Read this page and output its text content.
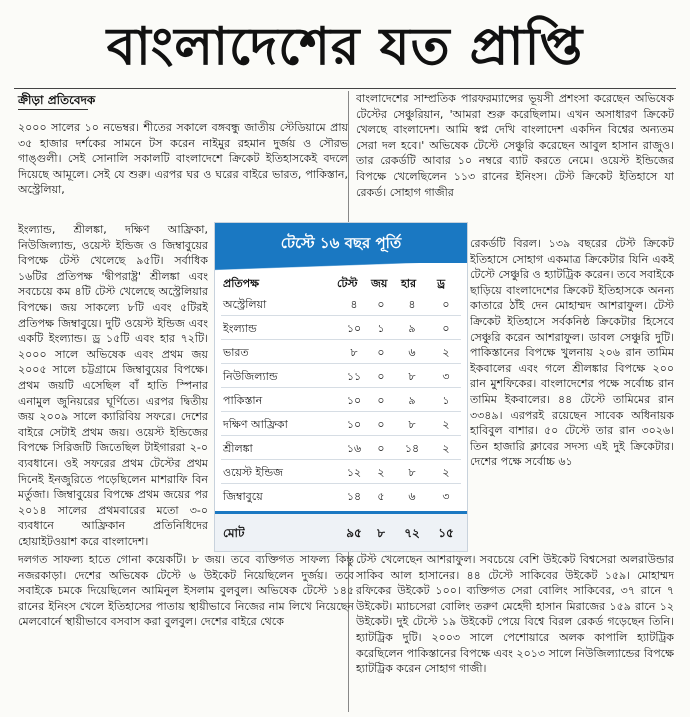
বাংলাদেশের যত প্রাপ্তি
ক্রীড়া প্রতিবেদক

২০০০ সালের ১০ নভেম্বর। শীতের সকালে বঙ্গবন্ধু জাতীয় স্টেডিয়ামে প্রায় ৩৫ হাজার দর্শকের সামনে টস করেন নাইমুর রহমান দুর্জয় ও সৌরভ গাঙ্গুলী। সেই সোনালি সকালটি বাংলাদেশে ক্রিকেট ইতিহাসকেই বদলে দিয়েছে আমূলে। সেই যে শুরু। এরপর ঘর ও ঘরের বাইরে ভারত, পাকিস্তান, অস্ট্রেলিয়া,

ইংল্যান্ড, শ্রীলঙ্কা, দক্ষিণ আফ্রিকা, নিউজিল্যান্ড, ওয়েস্ট ইন্ডিজ ও জিম্বাবুয়ের বিপক্ষে টেস্ট খেলেছে ৯৫টি। সর্বাধিক ১৬টির প্রতিপক্ষ 'দ্বীপরাষ্ট্র' শ্রীলঙ্কা এবং সবচেয়ে কম ৪টি টেস্ট খেলেছে অস্ট্রেলিয়ার বিপক্ষে। জয় সাকল্যে ৮টি এবং ৫টিরই প্রতিপক্ষ জিম্বাবুয়ে। দুটি ওয়েস্ট ইন্ডিজ এবং একটি ইংল্যান্ড। ড্র ১৫টি এবং হার ৭২টি। ২০০০ সালে অভিষেক এবং প্রথম জয় ২০০৫ সালে চট্টগ্রামে জিম্বাবুয়ের বিপক্ষে। প্রথম জয়টি এসেছিল বাঁ হাতি স্পিনার এনামুল জুনিয়রের ঘূর্ণিতে। এরপর দ্বিতীয় জয় ২০০৯ সালে ক্যারিবিয় সফরে। দেশের বাইরে সেটাই প্রথম জয়। ওয়েস্ট ইন্ডিজের বিপক্ষে সিরিজটি জিতেছিল টাইগাররা ২-০ ব্যবধানে। ওই সফরের প্রথম টেস্টের প্রথম দিনেই ইনজুরিতে পড়েছিলেন মাশরাফি বিন মর্তুজা। জিম্বাবুয়ের বিপক্ষে প্রথম জয়ের পর ২০১৪ সালের প্রথমবারের মতো ৩-০ ব্যবধানে আফ্রিকান প্রতিনিধিদের হোয়াইটওয়াশ করে বাংলাদেশ।

বাংলাদেশের সাম্প্রতিক পারফরম্যান্সের ভূয়সী প্রশংসা করেছেন অভিষেক টেস্টের সেঞ্চুরিয়ান, 'আমরা শুরু করেছিলাম। এখন অসাধারণ ক্রিকেট খেলছে বাংলাদেশ। আমি স্বপ্ন দেখি বাংলাদেশ একদিন বিশ্বের অন্যতম সেরা দল হবে।' অভিষেক টেস্টে সেঞ্চুরি করেছেন আবুল হাসান রাজুও। তার রেকর্ডটি আবার ১০ নম্বরে ব্যাট করতে নেমে। ওয়েস্ট ইন্ডিজের বিপক্ষে খেলেছিলেন ১১৩ রানের ইনিংস। টেস্ট ক্রিকেট ইতিহাসে যা রেকর্ড। সোহাগ গাজীর

রেকর্ডটি বিরল। ১৩৯ বছরের টেস্ট ক্রিকেট ইতিহাসে সোহাগ একমাত্র ক্রিকেটার যিনি একই টেস্টে সেঞ্চুরি ও হ্যাটট্রিক করেন। তবে সবাইকে ছাড়িয়ে বাংলাদেশের ক্রিকেট ইতিহাসকে অনন্য কাতারে ঠাঁই দেন মোহাম্মদ আশরাফুল। টেস্ট ক্রিকেট ইতিহাসে সর্বকনিষ্ঠ ক্রিকেটার হিসেবে সেঞ্চুরি করেন আশরাফুল। ডাবল সেঞ্চুরি দুটি। পাকিস্তানের বিপক্ষে খুলনায় ২০৬ রান তামিম ইকবালের এবং গলে শ্রীলঙ্কার বিপক্ষে ২০০ রান মুশফিকের। বাংলাদেশের পক্ষে সর্বোচ্চ রান তামিম ইকবালের। ৪৪ টেস্টে তামিমের রান ৩৩৪৯। এরপরই রয়েছেন সাবেক অধিনায়ক হাবিবুল বাশার। ৫০ টেস্টে তার রান ৩০২৬। তিন হাজারি ক্লাবের সদস্য এই দুই ক্রিকেটার। দেশের পক্ষে সর্বোচ্চ ৬১

টেস্টে ১৬ বছর পূর্তি
প্রতিপক্ষ	টেস্ট জয় হার ড্র
অস্ট্রেলিয়া	৪	০	৪	০
ইংল্যান্ড	১০	১	৯	০
ভারত	৮	০	৬	২
নিউজিল্যান্ড	১১	০	৮	৩
পাকিস্তান	১০	০	৯	১
দক্ষিণ আফ্রিকা	১০	০	৮	২
শ্রীলঙ্কা	১৬	০	১৪	২
ওয়েস্ট ইন্ডিজ	১২	২	৮	২
জিম্বাবুয়ে	১৪	৫	৬	৩
মোট	৯৫	৮	৭২	১৫

দলগত সাফল্য হাতে গোনা কয়েকটি। ৮ জয়। তবে ব্যক্তিগত সাফল্য কিন্তু নজরকাড়া। দেশের অভিষেক টেস্টে ৬ উইকেট নিয়েছিলেন দুর্জয়। তবে সবাইকে চমকে দিয়েছিলেন আমিনুল ইসলাম বুলবুল। অভিষেক টেস্টে ১৪৫ রানের ইনিংস খেলে ইতিহাসের পাতায় স্থায়ীভাবে নিজের নাম লিখে নিয়েছেন মেলবোর্নে স্থায়ীভাবে বসবাস করা বুলবুল। দেশের বাইরে থেকে

টেস্ট খেলেছেন আশরাফুল। সবচেয়ে বেশি উইকেট বিশ্বসেরা অলরাউন্ডার সাকিব আল হাসানের। ৪৪ টেস্টে সাকিবের উইকেট ১৫৯। মোহাম্মদ রফিকের উইকেট ১০০। ব্যক্তিগত সেরা বোলিং সাকিবের, ৩৭ রানে ৭ উইকেট। ম্যাচসেরা বোলিং তরুণ মেহেদী হাসান মিরাজের ১৫৯ রানে ১২ উইকেট। দুই টেস্টে ১৯ উইকেট পেয়ে বিশ্বে বিরল রেকর্ড গড়েছেন তিনি। হ্যাটট্রিক দুটি। ২০০৩ সালে পেশোয়ারে অলক কাপালি হ্যাটট্রিক করেছিলেন পাকিস্তানের বিপক্ষে এবং ২০১৩ সালে নিউজিল্যান্ডের বিপক্ষে হ্যাটট্রিক করেন সোহাগ গাজী।
